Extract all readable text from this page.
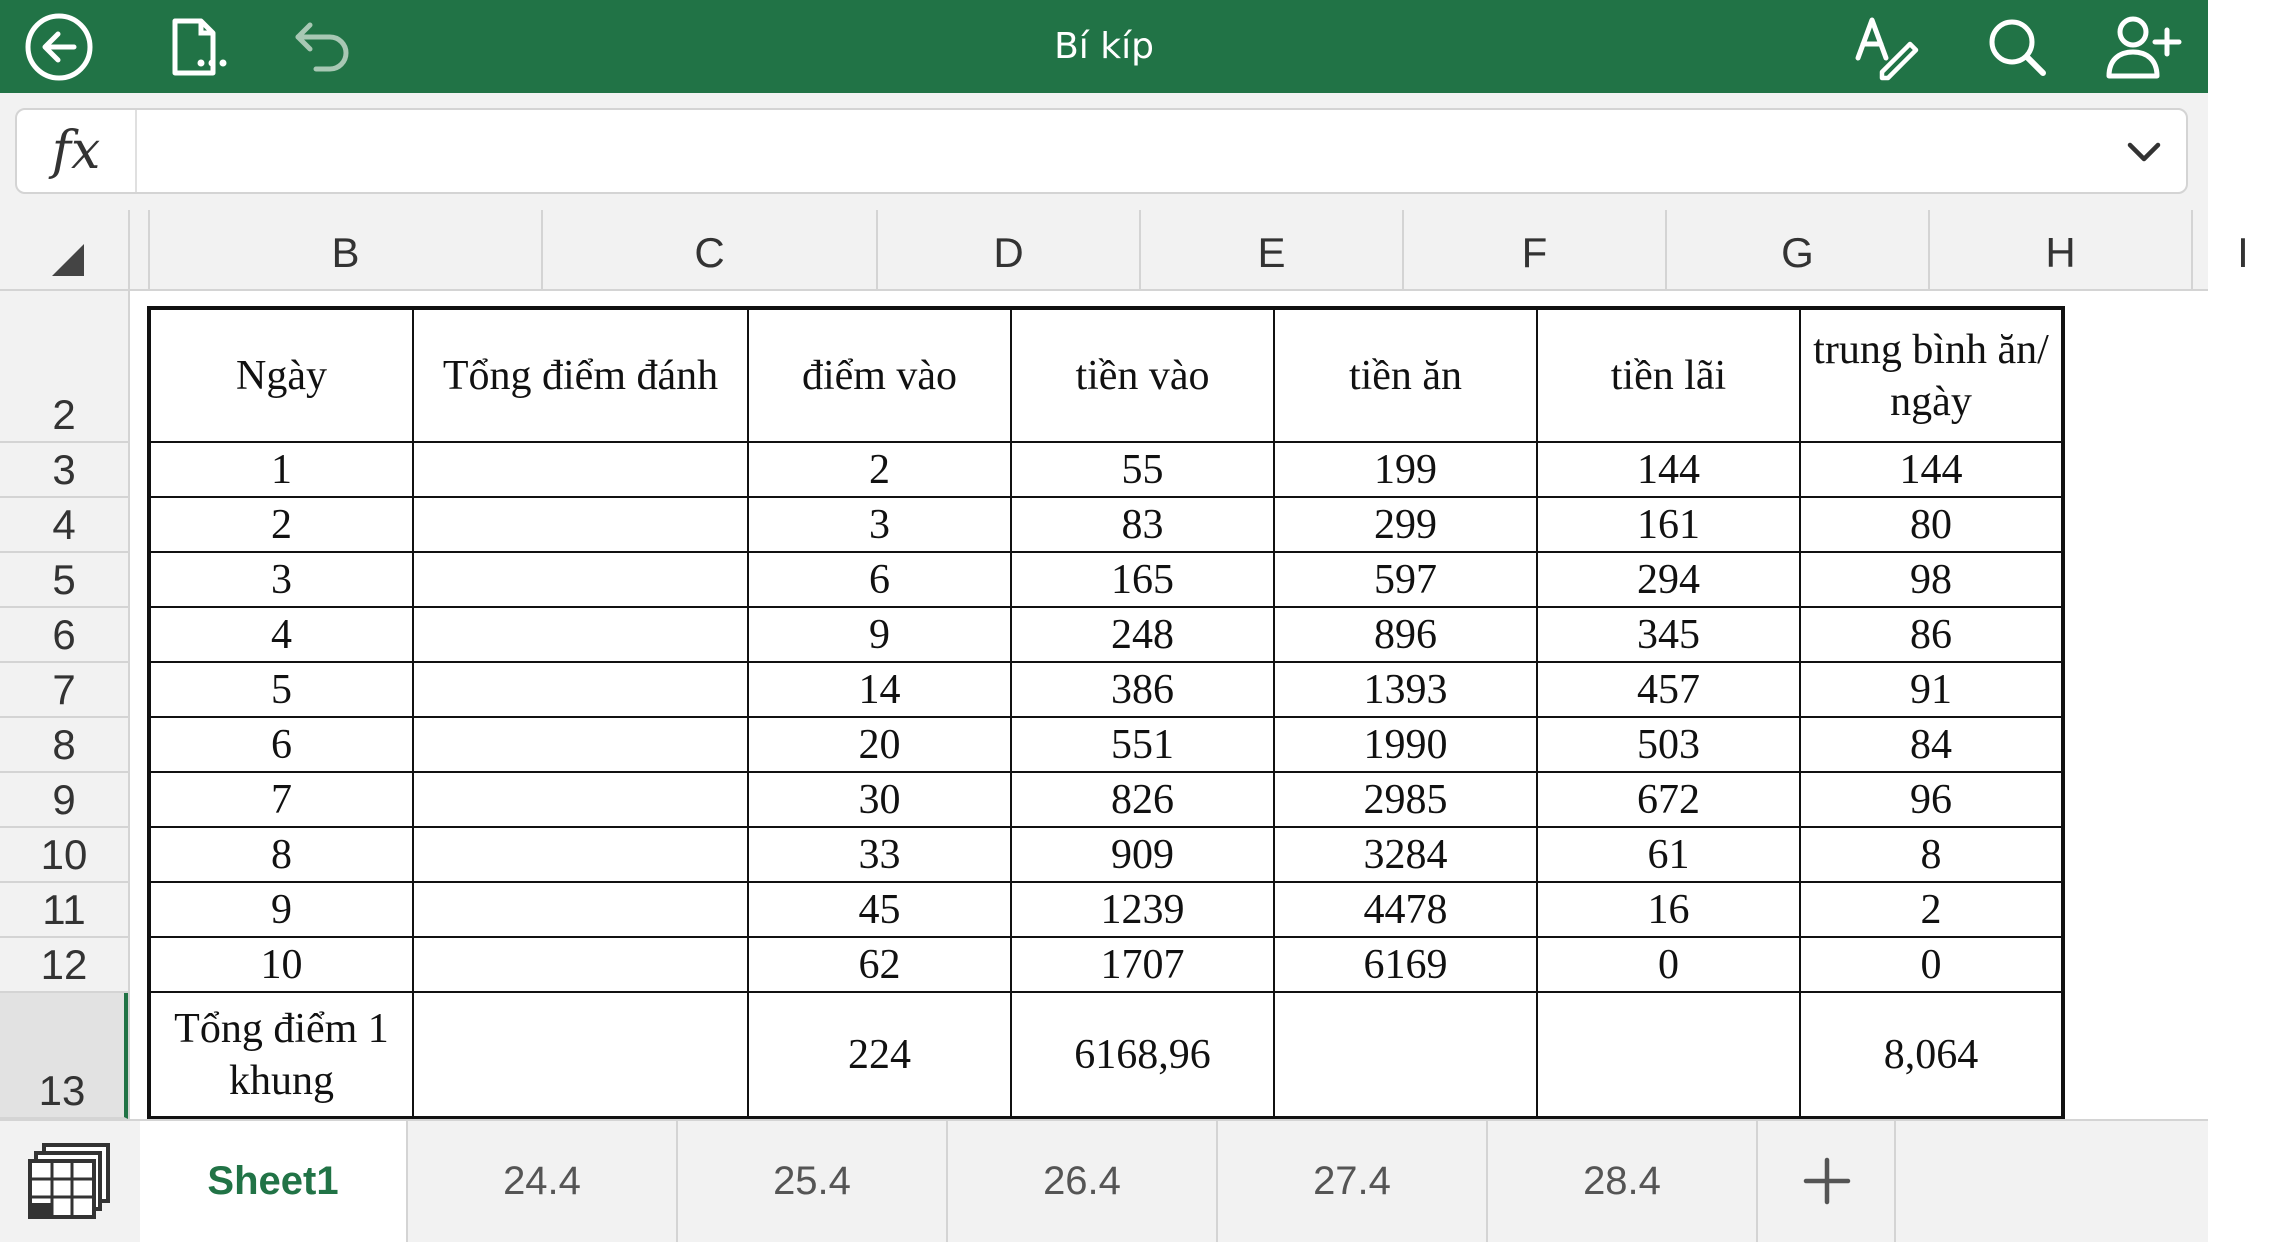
Bí kíp
fx
B	C	D	E	F	G	H	I
2
3
4
5
6
7
8
9
10
11
12
13
Ngày	Tổng điểm đánh	điểm vào	tiền vào	tiền ăn	tiền lãi	trung bình ăn/ ngày
1		2	55	199	144	144
2		3	83	299	161	80
3		6	165	597	294	98
4		9	248	896	345	86
5		14	386	1393	457	91
6		20	551	1990	503	84
7		30	826	2985	672	96
8		33	909	3284	61	8
9		45	1239	4478	16	2
10		62	1707	6169	0	0
Tổng điểm 1 khung		224	6168,96			8,064
Sheet1	24.4	25.4	26.4	27.4	28.4
